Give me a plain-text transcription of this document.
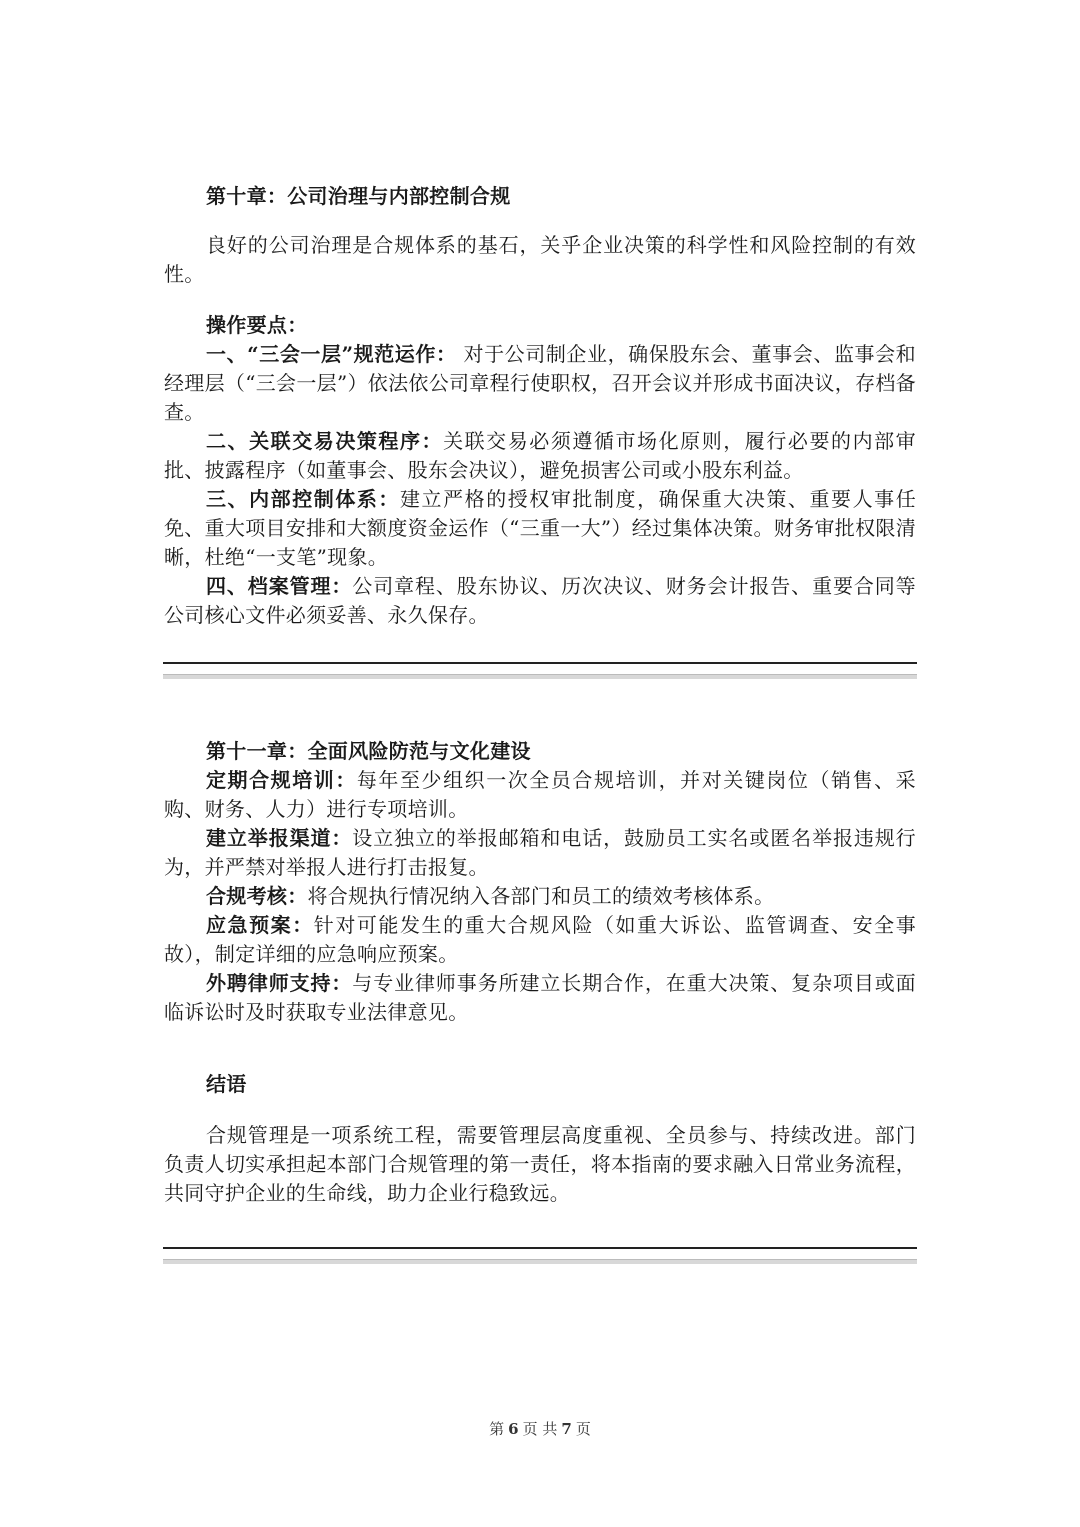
第十章：公司治理与内部控制合规

良好的公司治理是合规体系的基石，关乎企业决策的科学性和风险控制的有效性。

操作要点：

一、“三会一层”规范运作： 对于公司制企业，确保股东会、董事会、监事会和经理层（“三会一层”）依法依公司章程行使职权，召开会议并形成书面决议，存档备查。

二、关联交易决策程序：关联交易必须遵循市场化原则，履行必要的内部审批、披露程序（如董事会、股东会决议），避免损害公司或小股东利益。

三、内部控制体系：建立严格的授权审批制度，确保重大决策、重要人事任免、重大项目安排和大额度资金运作（“三重一大”）经过集体决策。财务审批权限清晰，杜绝“一支笔”现象。

四、档案管理：公司章程、股东协议、历次决议、财务会计报告、重要合同等公司核心文件必须妥善、永久保存。

第十一章：全面风险防范与文化建设

定期合规培训：每年至少组织一次全员合规培训，并对关键岗位（销售、采购、财务、人力）进行专项培训。

建立举报渠道：设立独立的举报邮箱和电话，鼓励员工实名或匿名举报违规行为，并严禁对举报人进行打击报复。

合规考核：将合规执行情况纳入各部门和员工的绩效考核体系。

应急预案：针对可能发生的重大合规风险（如重大诉讼、监管调查、安全事故），制定详细的应急响应预案。

外聘律师支持：与专业律师事务所建立长期合作，在重大决策、复杂项目或面临诉讼时及时获取专业法律意见。

结语

合规管理是一项系统工程，需要管理层高度重视、全员参与、持续改进。部门负责人切实承担起本部门合规管理的第一责任，将本指南的要求融入日常业务流程，共同守护企业的生命线，助力企业行稳致远。

第 6 页 共 7 页
